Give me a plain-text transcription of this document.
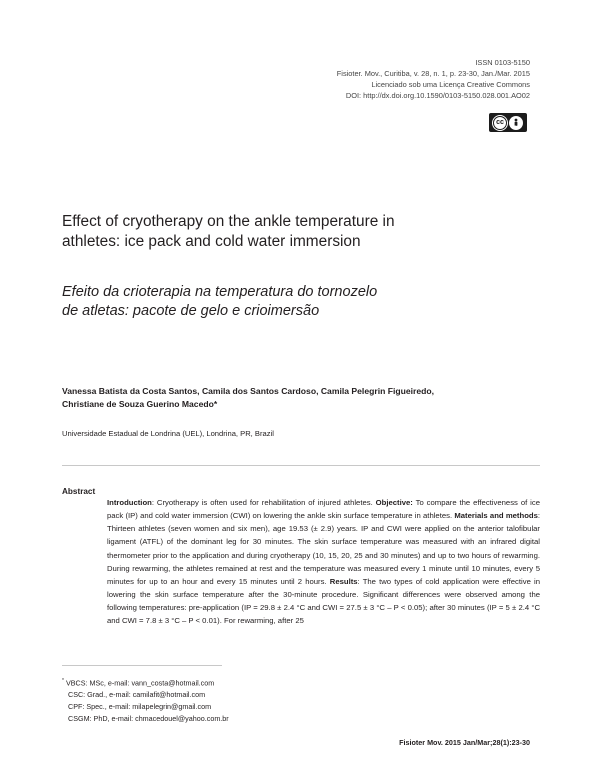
ISSN 0103-5150
Fisioter. Mov., Curitiba, v. 28, n. 1, p. 23-30, Jan./Mar. 2015
Licenciado sob uma Licença Creative Commons
DOI: http://dx.doi.org.10.1590/0103-5150.028.001.AO02
cc
BY
Effect of cryotherapy on the ankle temperature in
athletes: ice pack and cold water immersion
Efeito da crioterapia na temperatura do tornozelo
de atletas: pacote de gelo e crioimersão
Vanessa Batista da Costa Santos, Camila dos Santos Cardoso, Camila Pelegrin Figueiredo,
Christiane de Souza Guerino Macedo*
Universidade Estadual de Londrina (UEL), Londrina, PR, Brazil
Abstract
Introduction: Cryotherapy is often used for rehabilitation of injured athletes. Objective: To compare the effectiveness of ice pack (IP) and cold water immersion (CWI) on lowering the ankle skin surface temperature in athletes. Materials and methods: Thirteen athletes (seven women and six men), age 19.53 (± 2.9) years. IP and CWI were applied on the anterior talofibular ligament (ATFL) of the dominant leg for 30 minutes. The skin surface temperature was measured with an infrared digital thermometer prior to the application and during cryotherapy (10, 15, 20, 25 and 30 minutes) and up to two hours of rewarming. During rewarming, the athletes remained at rest and the temperature was measured every 1 minute until 10 minutes, every 5 minutes for up to an hour and every 15 minutes until 2 hours. Results: The two types of cold application were effective in lowering the skin surface temperature after the 30-minute procedure. Significant differences were observed among the following temperatures: pre-application (IP = 29.8 ± 2.4 °C and CWI = 27.5 ± 3 °C – P < 0.05); after 30 minutes (IP = 5 ± 2.4 °C and CWI = 7.8 ± 3 °C – P < 0.01). For rewarming, after 25
* VBCS: MSc, e-mail: vann_costa@hotmail.com
CSC: Grad., e-mail: camilafit@hotmail.com
CPF: Spec., e-mail: milapelegrin@gmail.com
CSGM: PhD, e-mail: chmacedouel@yahoo.com.br
Fisioter Mov. 2015 Jan/Mar;28(1):23-30
